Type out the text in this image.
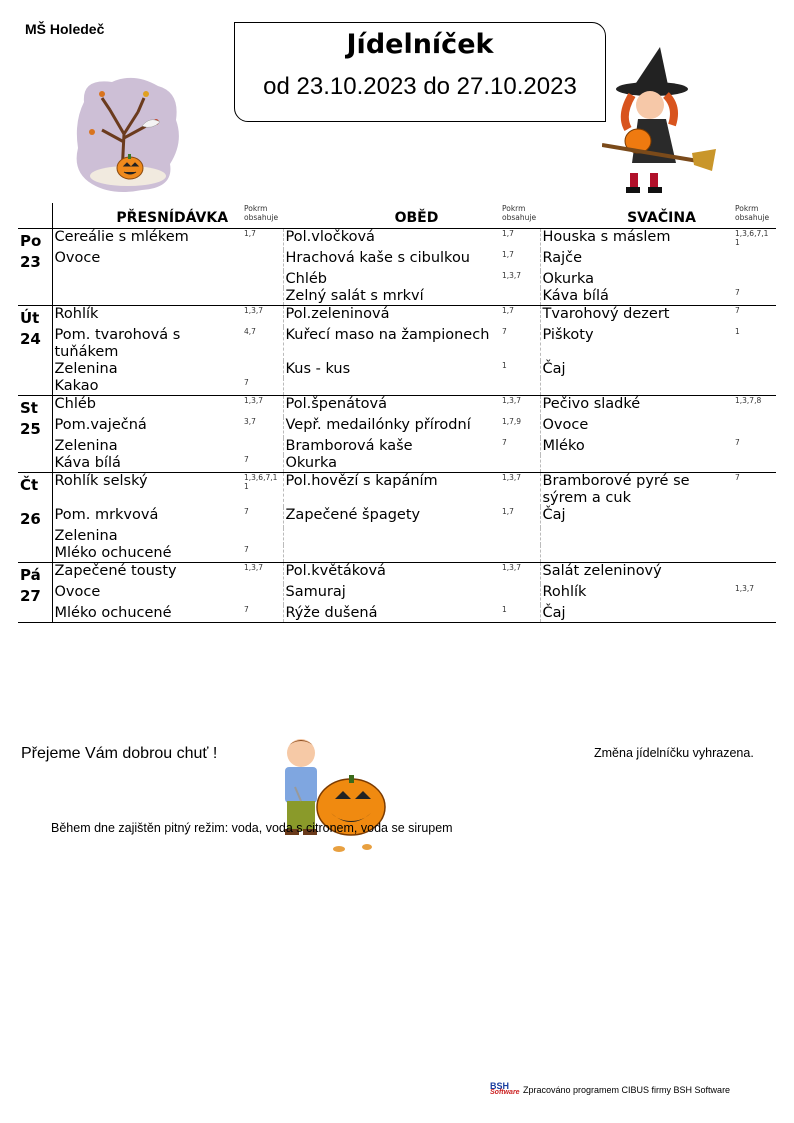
MŠ Holedeč	Jídelníček
od 23.10.2023 do 27.10.2023
	PŘESNÍDÁVKA	Pokrm obsahuje	OBĚD	Pokrm obsahuje	SVAČINA	Pokrm obsahuje
Po	Cereálie s mlékem	1,7	Pol.vločková	1,7	Houska s máslem	1,3,6,7,1 1
23	Ovoce		Hrachová kaše s cibulkou	1,7	Rajče	
			Chléb	1,3,7	Okurka	
			Zelný salát s mrkví		Káva bílá	7
Út	Rohlík	1,3,7	Pol.zeleninová	1,7	Tvarohový dezert	7
24	Pom. tvarohová s tuňákem	4,7	Kuřecí maso na žampionech	7	Piškoty	1
	Zelenina		Kus - kus	1	Čaj	
	Kakao	7				
St	Chléb	1,3,7	Pol.špenátová	1,3,7	Pečivo sladké	1,3,7,8
25	Pom.vaječná	3,7	Vepř. medailónky přírodní	1,7,9	Ovoce	
	Zelenina		Bramborová kaše	7	Mléko	7
	Káva bílá	7	Okurka			
Čt	Rohlík selský	1,3,6,7,1 1	Pol.hovězí s kapáním	1,3,7	Bramborové pyré se sýrem a cuk	7
26	Pom. mrkvová	7	Zapečené špagety	1,7	Čaj	
	Zelenina					
	Mléko ochucené	7				
Pá	Zapečené tousty	1,3,7	Pol.květáková	1,3,7	Salát zeleninový	
27	Ovoce		Samuraj		Rohlík	1,3,7
	Mléko ochucené	7	Rýže dušená	1	Čaj	
Přejeme Vám dobrou chuť !	Změna jídelníčku vyhrazena.
Během dne zajištěn pitný režim: voda, voda s citronem, voda se sirupem
BSH
Software Zpracováno programem CIBUS firmy BSH Software
